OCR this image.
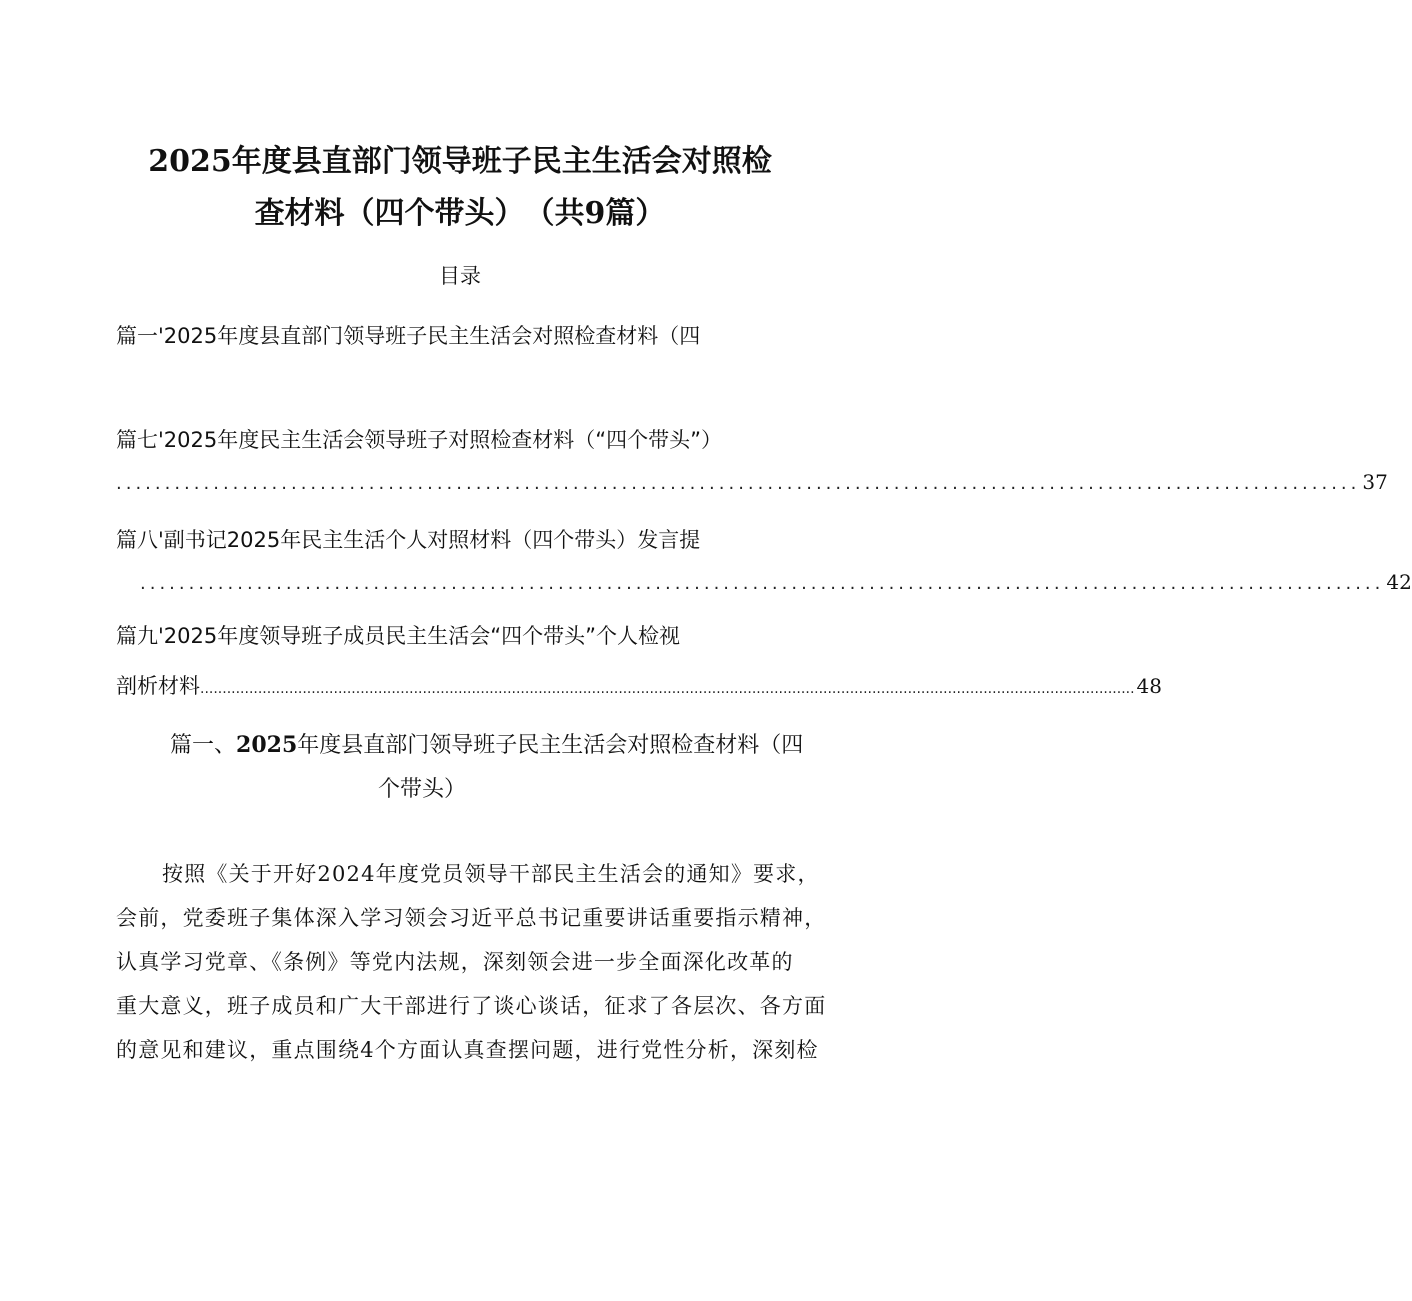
2025年度县直部门领导班子民主生活会对照检
查材料（四个带头）　（共9篇）
目录
篇一'2025年度县直部门领导班子民主生活会对照检查材料（四
篇七'2025年度民主生活会领导班子对照检查材料（“四个带头”）
................................................................................................................................ 37
篇八'副书记2025年民主生活个人对照材料（四个带头）发言提
................................................................................................................................ 42
篇九'2025年度领导班子成员民主生活会“四个带头”个人检视
剖析材料 .................................................................................................................................................................................................................. 48
篇一、2025年度县直部门领导班子民主生活会对照检查材料（四
个带头）
按照《关于开好2024年度党员领导干部民主生活会的通知》要求，
会前，党委班子集体深入学习领会习近平总书记重要讲话重要指示精神，
认真学习党章、《条例》等党内法规，深刻领会进一步全面深化改革的
重大意义，班子成员和广大干部进行了谈心谈话，征求了各层次、各方面
的意见和建议，重点围绕4个方面认真查摆问题，进行党性分析，深刻检
